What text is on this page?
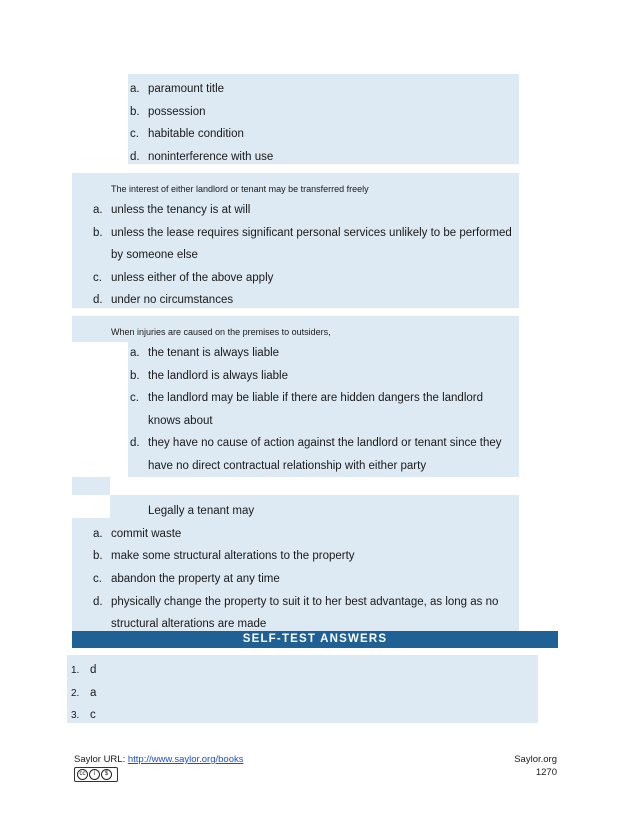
a. paramount title
b. possession
c. habitable condition
d. noninterference with use
The interest of either landlord or tenant may be transferred freely
a. unless the tenancy is at will
b. unless the lease requires significant personal services unlikely to be performed
by someone else
c. unless either of the above apply
d. under no circumstances
When injuries are caused on the premises to outsiders,
a. the tenant is always liable
b. the landlord is always liable
c. the landlord may be liable if there are hidden dangers the landlord
knows about
d. they have no cause of action against the landlord or tenant since they
have no direct contractual relationship with either party
Legally a tenant may
a. commit waste
b. make some structural alterations to the property
c. abandon the property at any time
d. physically change the property to suit it to her best advantage, as long as no
structural alterations are made
SELF-TEST ANSWERS
1. d
2. a
3. c
Saylor URL: http://www.saylor.org/books
cc	i	$
Saylor.org
1270
